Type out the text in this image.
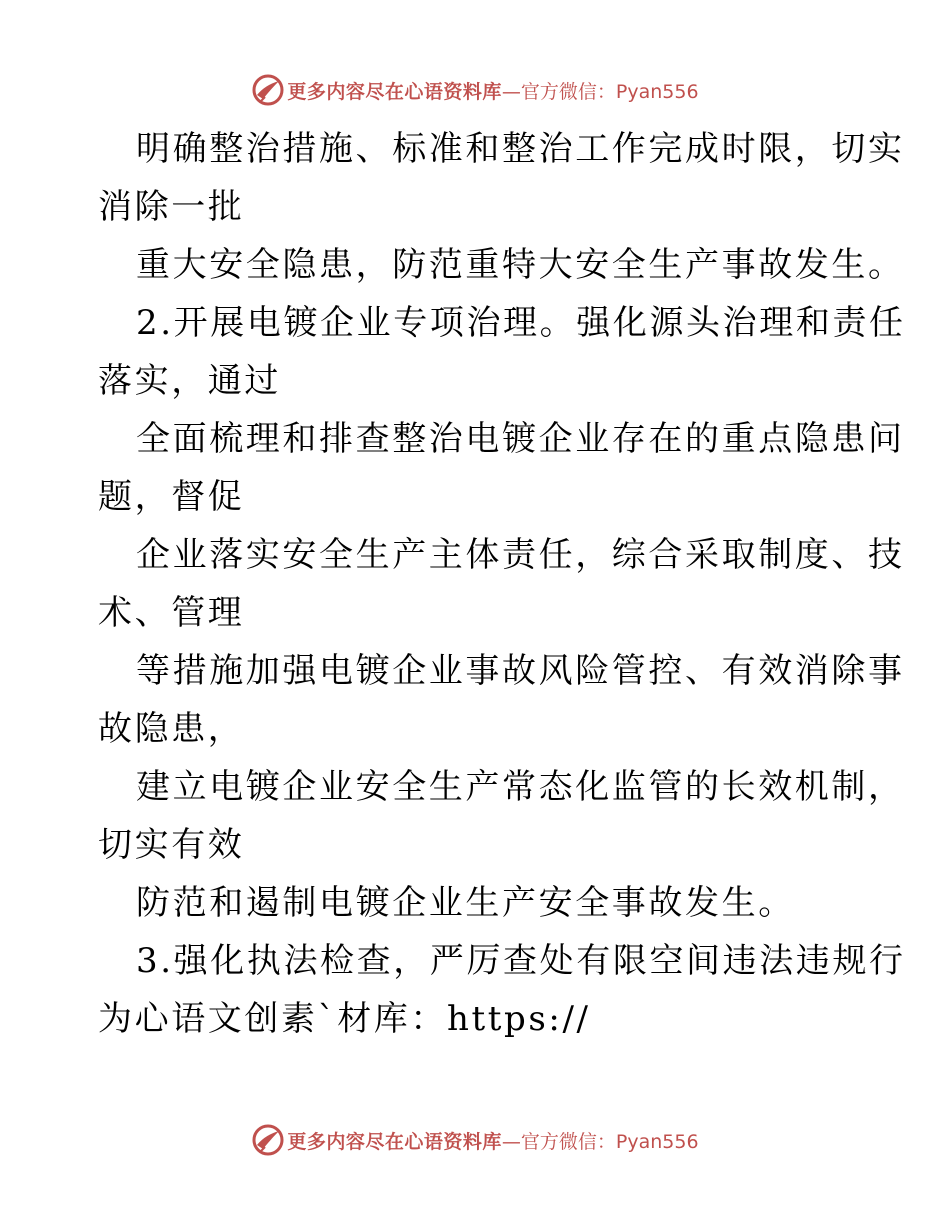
更多内容尽在心语资料库 —官方微信：Pyan556
明确整治措施、标准和整治工作完成时限，切实
消除一批
重大安全隐患，防范重特大安全生产事故发生。
2.开展电镀企业专项治理。强化源头治理和责任
落实，通过
全面梳理和排查整治电镀企业存在的重点隐患问
题，督促
企业落实安全生产主体责任，综合采取制度、技
术、管理
等措施加强电镀企业事故风险管控、有效消除事
故隐患，
建立电镀企业安全生产常态化监管的长效机制，
切实有效
防范和遏制电镀企业生产安全事故发生。
3.强化执法检查，严厉查处有限空间违法违规行
为心语文创素`材库：https://
更多内容尽在心语资料库 —官方微信：Pyan556
